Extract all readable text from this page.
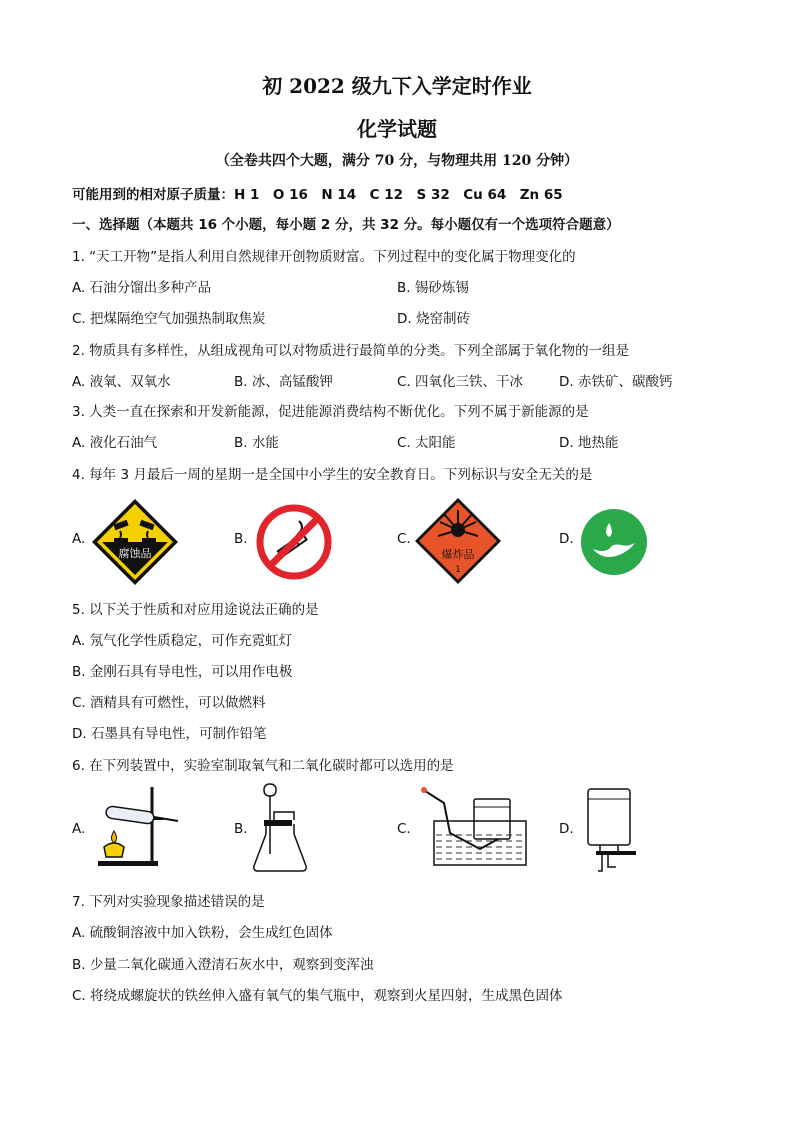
初 2022 级九下入学定时作业
化学试题
（全卷共四个大题，满分 70 分，与物理共用 120 分钟）
可能用到的相对原子质量：H 1　O 16　N 14　C 12　S 32　Cu 64　Zn 65
一、选择题（本题共 16 个小题，每小题 2 分，共 32 分。每小题仅有一个选项符合题意）
1. “天工开物”是指人利用自然规律开创物质财富。下列过程中的变化属于物理变化的
A. 石油分馏出多种产品	B. 锡砂炼锡
C. 把煤隔绝空气加强热制取焦炭	D. 烧窑制砖
2. 物质具有多样性，从组成视角可以对物质进行最简单的分类。下列全部属于氧化物的一组是
A. 液氧、双氧水	B. 冰、高锰酸钾	C. 四氧化三铁、干冰	D. 赤铁矿、碳酸钙
3. 人类一直在探索和开发新能源，促进能源消费结构不断优化。下列不属于新能源的是
A. 液化石油气	B. 水能	C. 太阳能	D. 地热能
4. 每年 3 月最后一周的星期一是全国中小学生的安全教育日。下列标识与安全无关的是
A.
腐蚀品
B.	C.
爆炸品
1
D.
5. 以下关于性质和对应用途说法正确的是
A. 氖气化学性质稳定，可作充霓虹灯
B. 金刚石具有导电性，可以用作电极
C. 酒精具有可燃性，可以做燃料
D. 石墨具有导电性，可制作铅笔
6. 在下列装置中，实验室制取氧气和二氧化碳时都可以选用的是
A.	B.	C.	D.
7. 下列对实验现象描述错误的是
A. 硫酸铜溶液中加入铁粉，会生成红色固体
B. 少量二氧化碳通入澄清石灰水中，观察到变浑浊
C. 将绕成螺旋状的铁丝伸入盛有氧气的集气瓶中，观察到火星四射，生成黑色固体
